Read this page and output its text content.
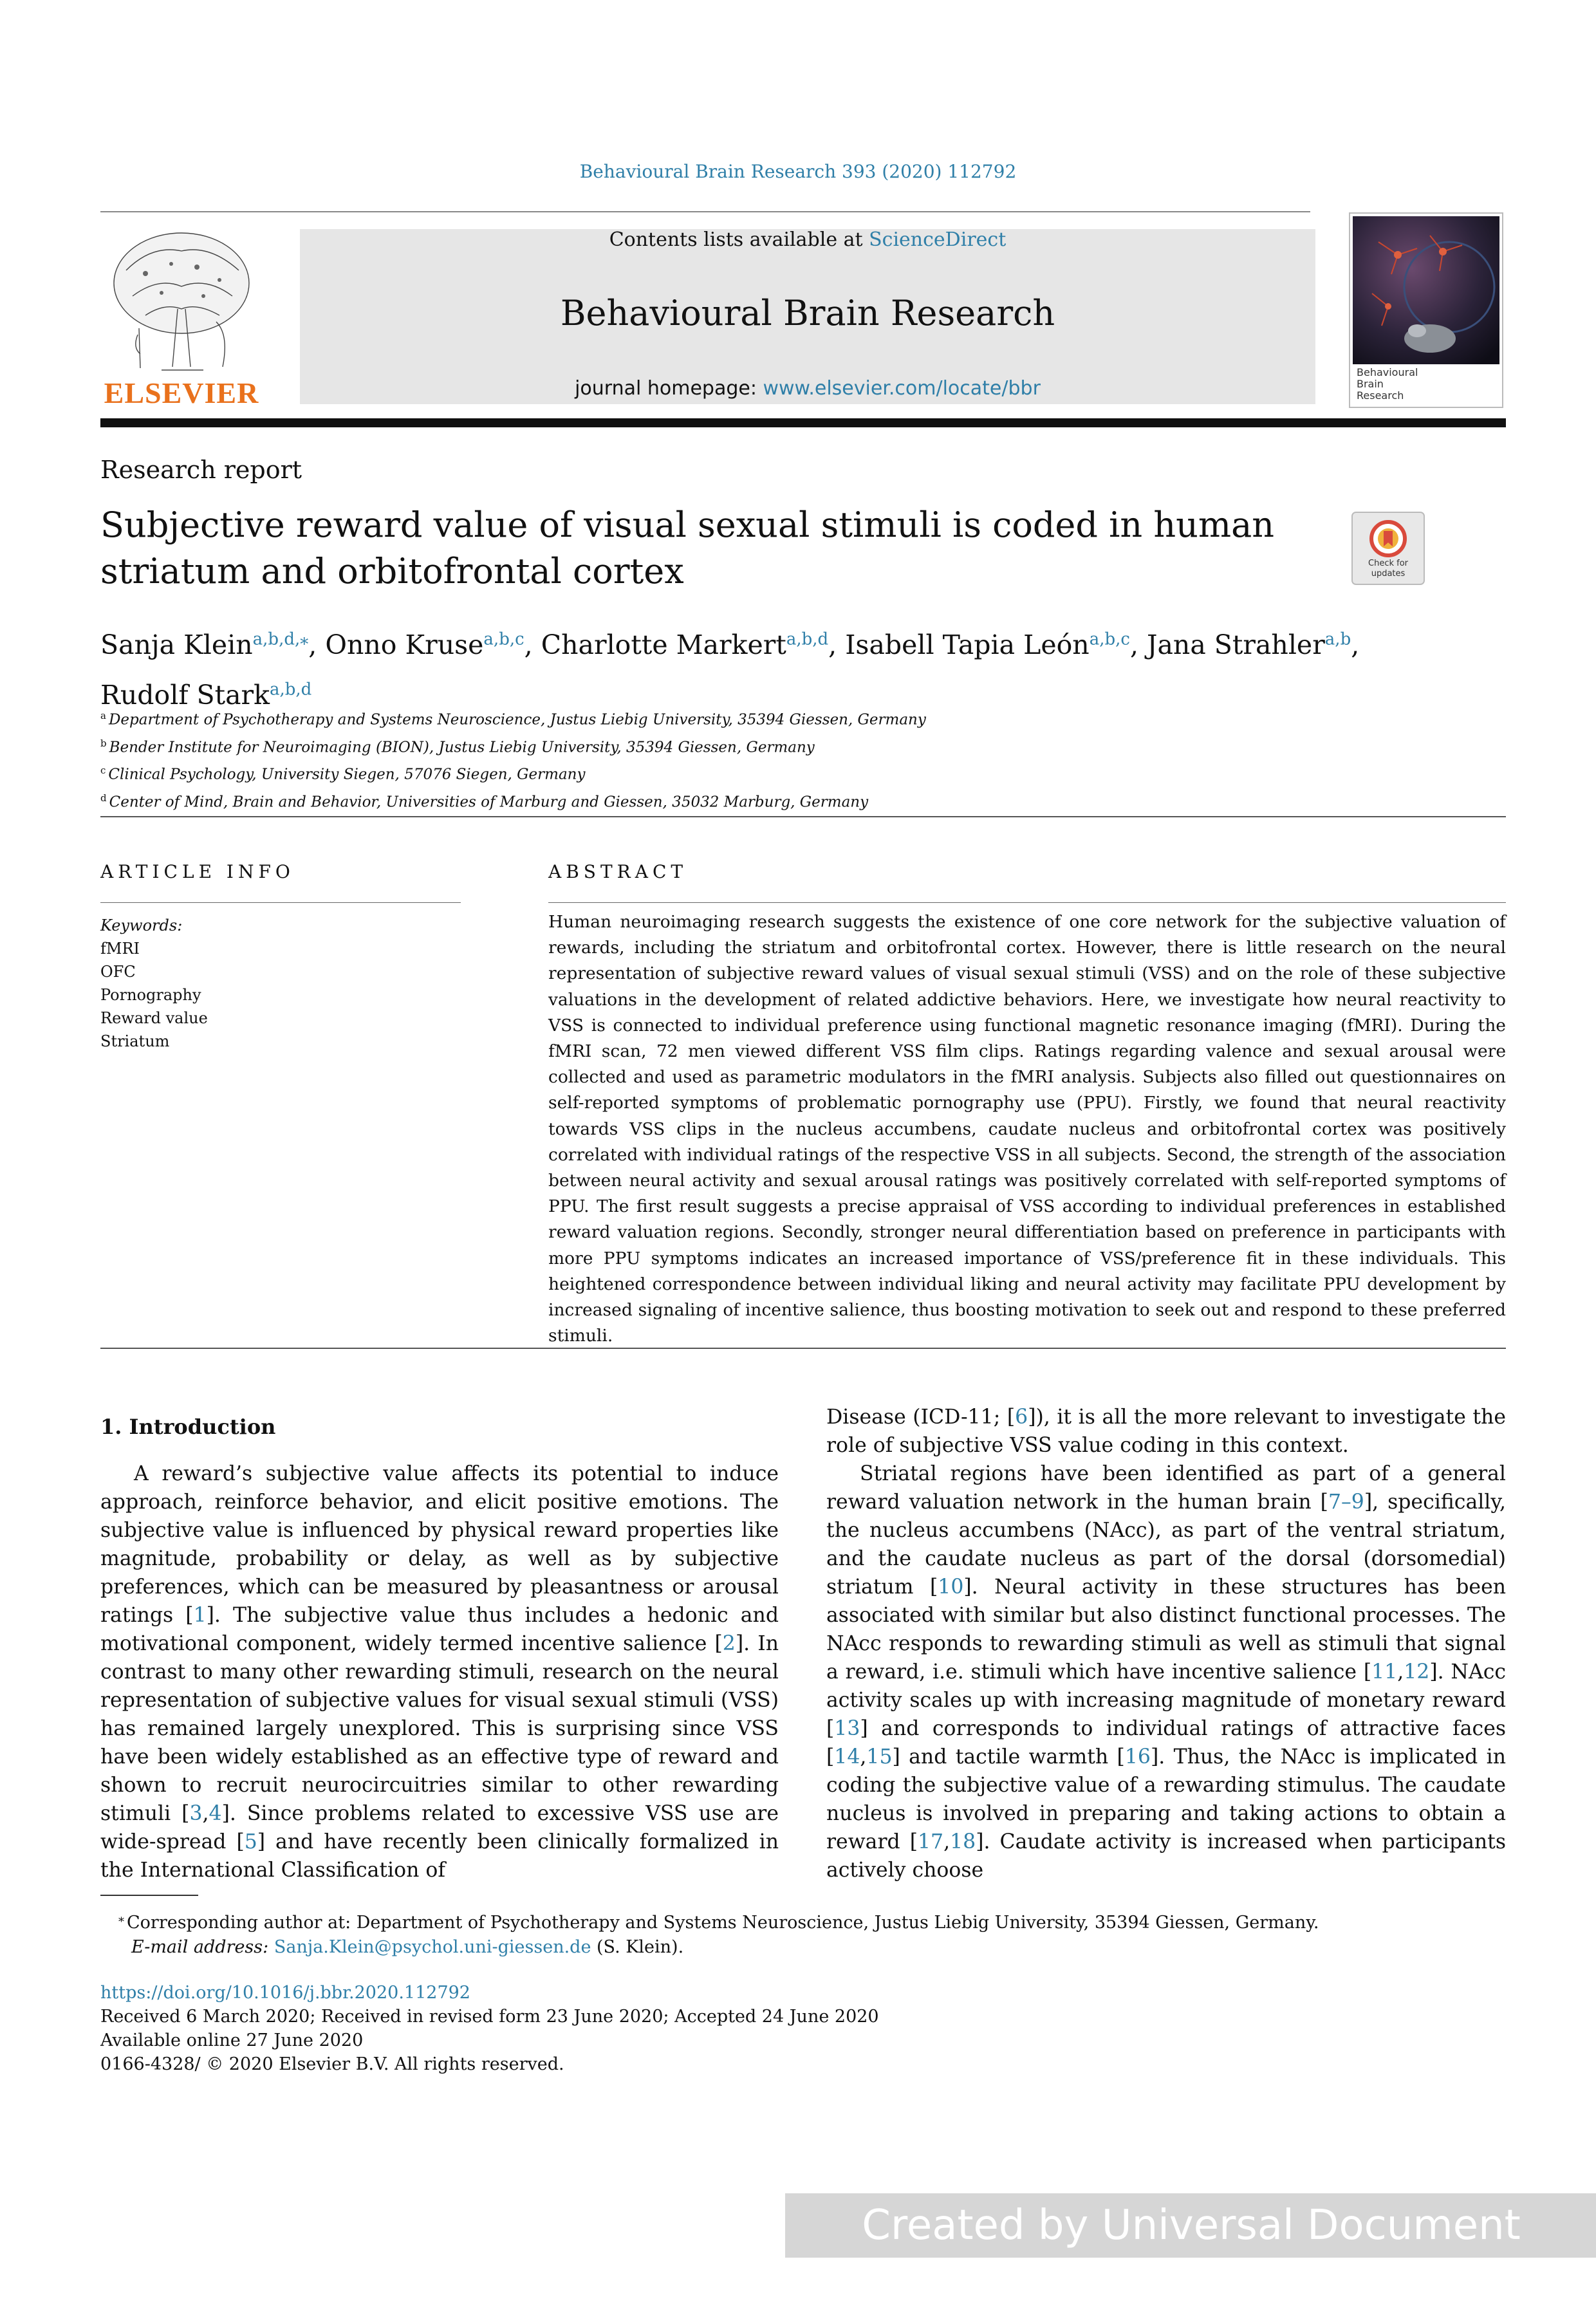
Behavioural Brain Research 393 (2020) 112792
ELSEVIER
Contents lists available at ScienceDirect
Behavioural Brain Research
journal homepage: www.elsevier.com/locate/bbr
Behavioural
Brain
Research
Research report
Subjective reward value of visual sexual stimuli is coded in human striatum and orbitofrontal cortex	Check for
updates
Sanja Klein$^{a,b,d,⁎}$, Onno Kruse$^{a,b,c}$, Charlotte Markert$^{a,b,d}$, Isabell Tapia León$^{a,b,c}$, Jana Strahler$^{a,b}$,
Rudolf Stark$^{a,b,d}$
$^a$ Department of Psychotherapy and Systems Neuroscience, Justus Liebig University, 35394 Giessen, Germany
$^b$ Bender Institute for Neuroimaging (BION), Justus Liebig University, 35394 Giessen, Germany
$^c$ Clinical Psychology, University Siegen, 57076 Siegen, Germany
$^d$ Center of Mind, Brain and Behavior, Universities of Marburg and Giessen, 35032 Marburg, Germany
ARTICLE INFO
Keywords:
fMRI
OFC
Pornography
Reward value
Striatum
ABSTRACT
Human neuroimaging research suggests the existence of one core network for the subjective valuation of rewards, including the striatum and orbitofrontal cortex. However, there is little research on the neural representation of subjective reward values of visual sexual stimuli (VSS) and on the role of these subjective valuations in the development of related addictive behaviors. Here, we investigate how neural reactivity to VSS is connected to individual preference using functional magnetic resonance imaging (fMRI). During the fMRI scan, 72 men viewed different VSS film clips. Ratings regarding valence and sexual arousal were collected and used as parametric modulators in the fMRI analysis. Subjects also filled out questionnaires on self-reported symptoms of problematic pornography use (PPU). Firstly, we found that neural reactivity towards VSS clips in the nucleus accumbens, caudate nucleus and orbitofrontal cortex was positively correlated with individual ratings of the respective VSS in all subjects. Second, the strength of the association between neural activity and sexual arousal ratings was positively correlated with self-reported symptoms of PPU. The first result suggests a precise appraisal of VSS according to individual preferences in established reward valuation regions. Secondly, stronger neural differentiation based on preference in participants with more PPU symptoms indicates an increased importance of VSS/preference fit in these individuals. This heightened correspondence between individual liking and neural activity may facilitate PPU development by increased signaling of incentive salience, thus boosting motivation to seek out and respond to these preferred stimuli.
1. Introduction

A reward’s subjective value affects its potential to induce approach, reinforce behavior, and elicit positive emotions. The subjective value is influenced by physical reward properties like magnitude, probability or delay, as well as by subjective preferences, which can be measured by pleasantness or arousal ratings [1]. The subjective value thus includes a hedonic and motivational component, widely termed incentive salience [2]. In contrast to many other rewarding stimuli, research on the neural representation of subjective values for visual sexual stimuli (VSS) has remained largely unexplored. This is surprising since VSS have been widely established as an effective type of reward and shown to recruit neurocircuitries similar to other rewarding stimuli [3,4]. Since problems related to excessive VSS use are wide-spread [5] and have recently been clinically formalized in the International Classification of

Disease (ICD-11; [6]), it is all the more relevant to investigate the role of subjective VSS value coding in this context.

Striatal regions have been identified as part of a general reward valuation network in the human brain [7–9], specifically, the nucleus accumbens (NAcc), as part of the ventral striatum, and the caudate nucleus as part of the dorsal (dorsomedial) striatum [10]. Neural activity in these structures has been associated with similar but also distinct functional processes. The NAcc responds to rewarding stimuli as well as stimuli that signal a reward, i.e. stimuli which have incentive salience [11,12]. NAcc activity scales up with increasing magnitude of monetary reward [13] and corresponds to individual ratings of attractive faces [14,15] and tactile warmth [16]. Thus, the NAcc is implicated in coding the subjective value of a rewarding stimulus. The caudate nucleus is involved in preparing and taking actions to obtain a reward [17,18]. Caudate activity is increased when participants actively choose

⁎ Corresponding author at: Department of Psychotherapy and Systems Neuroscience, Justus Liebig University, 35394 Giessen, Germany.
E-mail address: Sanja.Klein@psychol.uni-giessen.de (S. Klein).
https://doi.org/10.1016/j.bbr.2020.112792
Received 6 March 2020; Received in revised form 23 June 2020; Accepted 24 June 2020
Available online 27 June 2020
0166-4328/ © 2020 Elsevier B.V. All rights reserved.
Created by Universal Document Converter
